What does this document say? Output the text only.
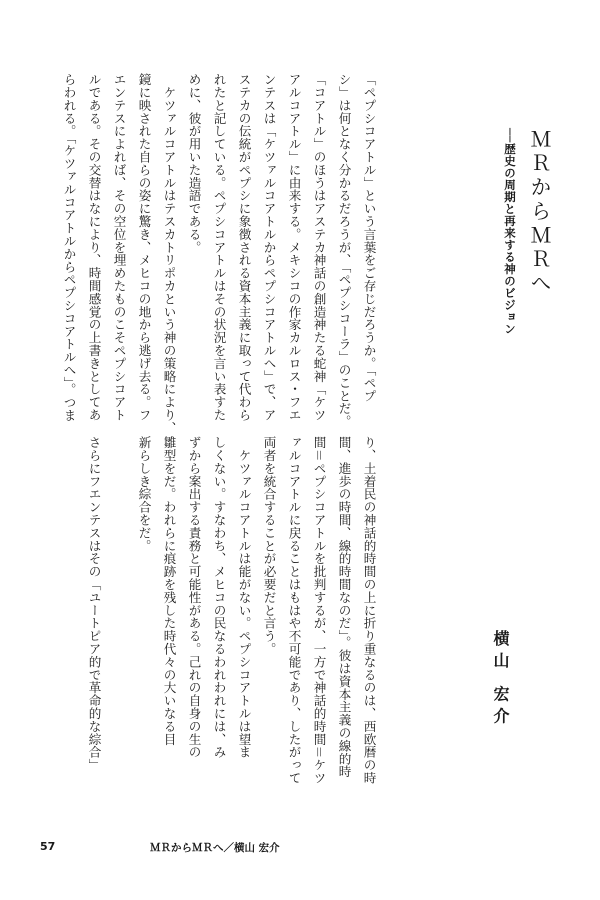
ＭＲからＭＲへ
──歴史の周期と再来する神のビジョン
横山 宏介
「ペプシコアトル」という言葉をご存じだろうか。「ペプ
シ」は何となく分かるだろうが、「ペプシコーラ」のことだ。
「コアトル」のほうはアステカ神話の創造神たる蛇神「ケツ
アルコアトル」に由来する。メキシコの作家カルロス・フエ
ンテスは「ケツァルコアトルからペプシコアトルへ」で、ア
ステカの伝統がペプシに象徴される資本主義に取って代わら
れたと記している。ペプシコアトルはその状況を言い表すた
めに、彼が用いた造語である。
　ケツァルコアトルはテスカトリポカという神の策略により、
鏡に映された自らの姿に驚き、メヒコの地から逃げ去る。フ
エンテスによれば、その空位を埋めたものこそペプシコアト
ルである。その交替はなにより、時間感覚の上書きとしてあ
らわれる。「ケツァルコアトルからペプシコアトルへ」。つま
り、土着民の神話的時間の上に折り重なるのは、西欧暦の時
間、進歩の時間、線的時間なのだ」。彼は資本主義の線的時
間＝ペプシコアトルを批判するが、一方で神話的時間＝ケツ
ァルコアトルに戻ることはもはや不可能であり、したがって
両者を統合することが必要だと言う。
　ケツァルコアトルは能がない。ペプシコアトルは望ま
しくない。すなわち、メヒコの民なるわれわれには、み
ずから案出する責務と可能性がある。己れの自身の生の
雛型をだ。われらに痕跡を残した時代々の大いなる目
新らしき綜合をだ。
さらにフエンテスはその「ユートピア的で革命的な綜合」
57	ＭＲからＭＲへ／横山 宏介
